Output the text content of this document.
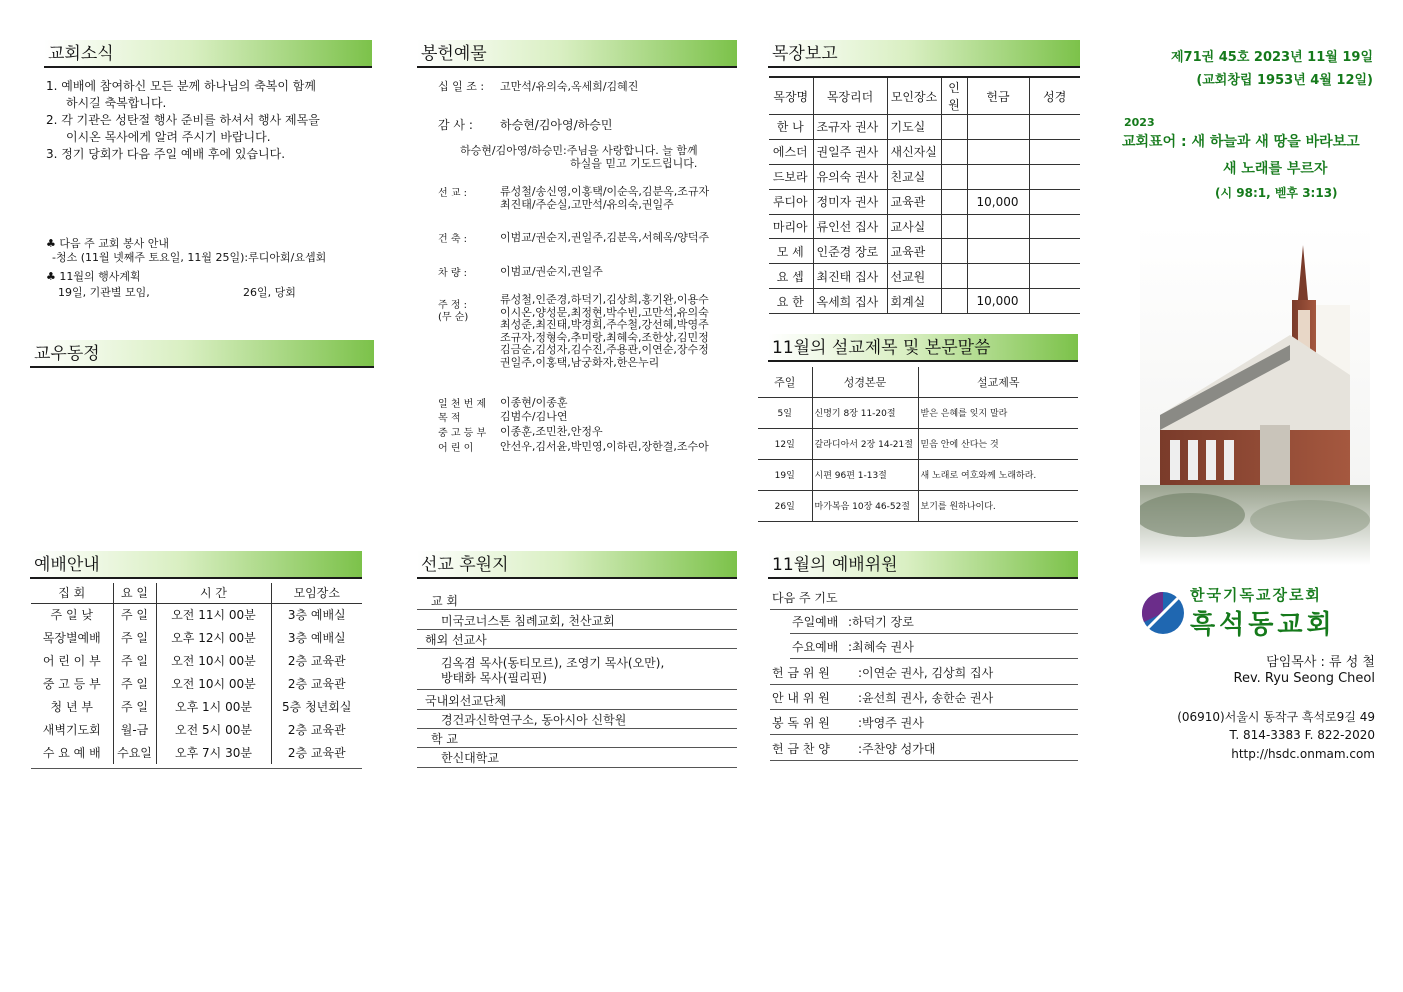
교회소식

1. 예배에 참여하신 모든 분께 하나님의 축복이 함께

하시길 축복합니다.

2. 각 기관은 성탄절 행사 준비를 하셔서 행사 제목을

이시온 목사에게 알려 주시기 바랍니다.

3. 정기 당회가 다음 주일 예배 후에 있습니다.

♣ 다음 주 교회 봉사 안내
-청소 (11월 넷째주 토요일, 11월 25일):루디아회/요셉회
♣ 11월의 행사계획
19일, 기관별 모임,	26일, 당회
교우동정
예배안내
집 회	요 일	시 간	모임장소
주 일 낮	주 일	오전 11시 00분	3층 예배실
목장별예배	주 일	오후 12시 00분	3층 예배실
어 린 이 부	주 일	오전 10시 00분	2층 교육관
중 고 등 부	주 일	오전 10시 00분	2층 교육관
청 년 부	주 일	오후 1시 00분	5층 청년회실
새벽기도회	월-금	오전 5시 00분	2층 교육관
수 요 예 배	수요일	오후 7시 30분	2층 교육관
봉헌예물
십 일 조 : 고만석/유의숙,옥세희/김혜진
감 사 : 하승현/김아영/하승민
하승현/김아영/하승민:주님을 사랑합니다. 늘 함께
하실을 믿고 기도드립니다.
선 교 :	류성철/송신영,이홍택/이순옥,김분옥,조규자
최진태/주순실,고만석/유의숙,권일주
건 축 :	이범교/권순지,권일주,김분옥,서혜옥/양덕주
차 량 :	이범교/권순지,권일주
주 정 :
(무 순)
류성철,인준경,하덕기,김상희,홍기완,이용수
이시온,양성문,최정현,박수빈,고만석,유의숙
최성준,최진태,박경희,주수철,강선혜,박영주
조규자,정형숙,추미랑,최혜숙,조한상,김민정
김금순,김성자,김수진,주용관,이연순,장수정
권일주,이홍택,남궁화자,한은누리
일 천 번 제 이종현/이종훈
목 적	김범수/김나연
중 고 등 부 이종훈,조민찬,안정우
어 린 이 안선우,김서윤,박민영,이하린,장한결,조수아
선교 후원지
교 회
미국코너스톤 침례교회, 천산교회
해외 선교사
김옥겸 목사(동티모르), 조영기 목사(오만),
방태화 목사(필리핀)
국내외선교단체
경건과신학연구소, 동아시아 신학원
학 교
한신대학교
목장보고
목장명	목장리더	모인장소	인원	헌금	성경
한 나	조규자 권사	기도실			
에스더	권일주 권사	새신자실			
드보라	유의숙 권사	친교실			
루디아	정미자 권사	교육관		10,000	
마리아	류인선 집사	교사실			
모 세	인준경 장로	교육관			
요 셉	최진태 집사	선교원			
요 한	옥세희 집사	회계실		10,000	
11월의 설교제목 및 본문말씀
주일	성경본문	설교제목
5일	신명기 8장 11-20절	받은 은혜를 잊지 말라
12일	갈라디아서 2장 14-21절	믿음 안에 산다는 것
19일	시편 96편 1-13절	새 노래로 여호와께 노래하라.
26일	마가복음 10장 46-52절	보기를 원하나이다.
11월의 예배위원
다음 주 기도
주일예배 :하덕기 장로
수요예배 :최혜숙 권사
헌 금 위 원 :이연순 권사, 김상희 집사
안 내 위 원 :윤선희 권사, 송한순 권사
봉 독 위 원 :박영주 권사
헌 금 찬 양 :주찬양 성가대
제71권 45호 2023년 11월 19일
(교회창립 1953년 4월 12일)
2023
교회표어 : 새 하늘과 새 땅을 바라보고
새 노래를 부르자
(시 98:1, 벧후 3:13)
한국기독교장로회
흑석동교회
담임목사 : 류 성 철
Rev. Ryu Seong Cheol
(06910)서울시 동작구 흑석로9길 49
T. 814-3383 F. 822-2020
http://hsdc.onmam.com
